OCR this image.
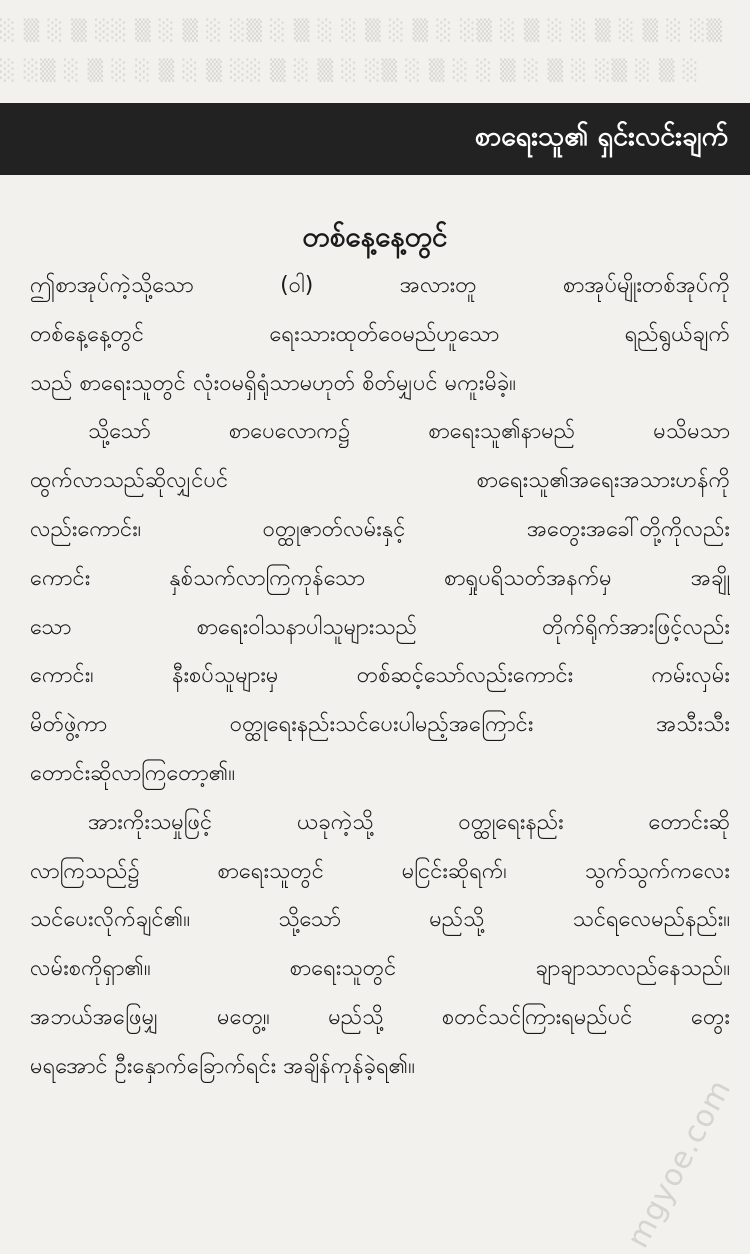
░ ▒ ░ ▒ ░░ ▒ ░ ▒ ░ ░▒ ░ ▒ ░ ░ ▒ ░ ▒ ░ ░▒ ░ ▒ ░ ░ ▒ ░ ▒ ░ ░▒
░ ░▒ ░ ▒ ░ ░ ▒ ░ ▒ ░░ ▒ ░ ▒ ░ ░▒ ░ ▒ ░ ░ ▒ ░ ▒ ░ ░▒ ░ ▒ ░
စာရေးသူ၏ ရှင်းလင်းချက်
တစ်နေ့နေ့တွင်
ဤစာအုပ်ကဲ့သို့သော (ဝါ) အလားတူ စာအုပ်မျိုးတစ်အုပ်ကို
တစ်နေ့နေ့တွင် ရေးသားထုတ်ဝေမည်ဟူသော ရည်ရွယ်ချက်
သည် စာရေးသူတွင် လုံးဝမရှိရုံသာမဟုတ် စိတ်မျှပင် မကူးမိခဲ့။
သို့သော် စာပေလောက၌ စာရေးသူ၏နာမည် မသိမသာ
ထွက်လာသည်ဆိုလျှင်ပင် စာရေးသူ၏အရေးအသားဟန်ကို
လည်းကောင်း၊ ဝတ္ထုဇာတ်လမ်းနှင့် အတွေးအခေါ်တို့ကိုလည်း
ကောင်း နှစ်သက်လာကြကုန်သော စာရှုပရိသတ်အနက်မှ အချို့
သော စာရေးဝါသနာပါသူများသည် တိုက်ရိုက်အားဖြင့်လည်း
ကောင်း၊ နီးစပ်သူများမှ တစ်ဆင့်သော်လည်းကောင်း ကမ်းလှမ်း
မိတ်ဖွဲ့ကာ ဝတ္ထုရေးနည်းသင်ပေးပါမည့်အကြောင်း အသီးသီး
တောင်းဆိုလာကြတော့၏။
အားကိုးသမှုဖြင့် ယခုကဲ့သို့ ဝတ္ထုရေးနည်း တောင်းဆို
လာကြသည်၌ စာရေးသူတွင် မငြင်းဆိုရက်၊ သွက်သွက်ကလေး
သင်ပေးလိုက်ချင်၏။ သို့သော် မည်သို့ သင်ရလေမည်နည်း။
လမ်းစကိုရှာ၏။ စာရေးသူတွင် ချာချာသာလည်နေသည်။
အဘယ်အဖြေမျှ မတွေ့။ မည်သို့ စတင်သင်ကြားရမည်ပင် တွေး
မရအောင် ဦးနှောက်ခြောက်ရင်း အချိန်ကုန်ခဲ့ရ၏။
mgyoe.com
